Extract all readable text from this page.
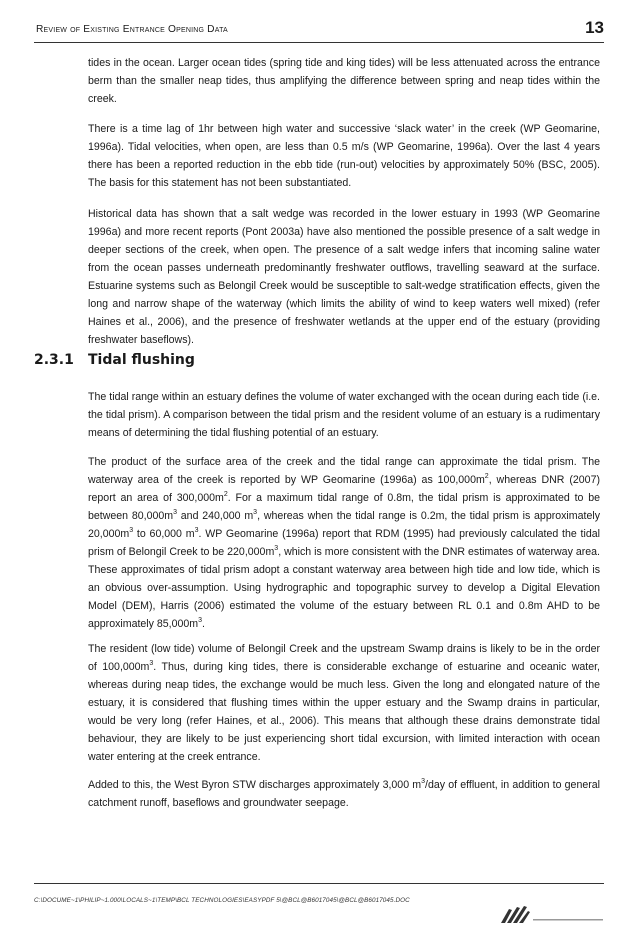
Review of Existing Entrance Opening Data	13

tides in the ocean. Larger ocean tides (spring tide and king tides) will be less attenuated across the entrance berm than the smaller neap tides, thus amplifying the difference between spring and neap tides within the creek.

There is a time lag of 1hr between high water and successive ‘slack water’ in the creek (WP Geomarine, 1996a). Tidal velocities, when open, are less than 0.5 m/s (WP Geomarine, 1996a). Over the last 4 years there has been a reported reduction in the ebb tide (run-out) velocities by approximately 50% (BSC, 2005). The basis for this statement has not been substantiated.

Historical data has shown that a salt wedge was recorded in the lower estuary in 1993 (WP Geomarine 1996a) and more recent reports (Pont 2003a) have also mentioned the possible presence of a salt wedge in deeper sections of the creek, when open. The presence of a salt wedge infers that incoming saline water from the ocean passes underneath predominantly freshwater outflows, travelling seaward at the surface. Estuarine systems such as Belongil Creek would be susceptible to salt-wedge stratification effects, given the long and narrow shape of the waterway (which limits the ability of wind to keep waters well mixed) (refer Haines et al., 2006), and the presence of freshwater wetlands at the upper end of the estuary (providing freshwater baseflows).

2.3.1 Tidal flushing

The tidal range within an estuary defines the volume of water exchanged with the ocean during each tide (i.e. the tidal prism). A comparison between the tidal prism and the resident volume of an estuary is a rudimentary means of determining the tidal flushing potential of an estuary.

The product of the surface area of the creek and the tidal range can approximate the tidal prism. The waterway area of the creek is reported by WP Geomarine (1996a) as $100,000m^2$, whereas DNR (2007) report an area of $300,000m^2$. For a maximum tidal range of 0.8m, the tidal prism is approximated to be between $80,000m^3$ and 240,000 $m^3$, whereas when the tidal range is 0.2m, the tidal prism is approximately $20,000m^3$ to 60,000 $m^3$. WP Geomarine (1996a) report that RDM (1995) had previously calculated the tidal prism of Belongil Creek to be $220,000m^3$, which is more consistent with the DNR estimates of waterway area. These approximates of tidal prism adopt a constant waterway area between high tide and low tide, which is an obvious over-assumption. Using hydrographic and topographic survey to develop a Digital Elevation Model (DEM), Harris (2006) estimated the volume of the estuary between RL 0.1 and 0.8m AHD to be approximately $85,000m^3$.

The resident (low tide) volume of Belongil Creek and the upstream Swamp drains is likely to be in the order of $100,000m^3$. Thus, during king tides, there is considerable exchange of estuarine and oceanic water, whereas during neap tides, the exchange would be much less. Given the long and elongated nature of the estuary, it is considered that flushing times within the upper estuary and the Swamp drains in particular, would be very long (refer Haines, et al., 2006). This means that although these drains demonstrate tidal behaviour, they are likely to be just experiencing short tidal excursion, with limited interaction with ocean water entering at the creek entrance.

Added to this, the West Byron STW discharges approximately 3,000 $m^3$/day of effluent, in addition to general catchment runoff, baseflows and groundwater seepage.

C:\DOCUME~1\PHILIP~1.000\LOCALS~1\TEMP\BCL TECHNOLOGIES\EASYPDF 5\@BCL@B6017045\@BCL@B6017045.DOC
